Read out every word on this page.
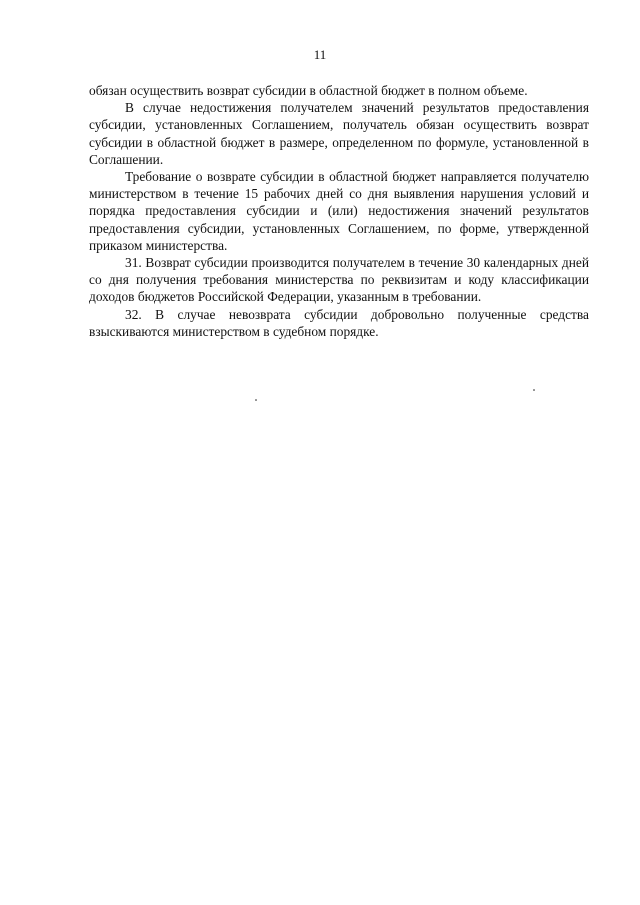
11

обязан осуществить возврат субсидии в областной бюджет в полном объеме.

В случае недостижения получателем значений результатов предоставления субсидии, установленных Соглашением, получатель обязан осуществить возврат субсидии в областной бюджет в размере, определенном по формуле, установленной в Соглашении.

Требование о возврате субсидии в областной бюджет направляется получателю министерством в течение 15 рабочих дней со дня выявления нарушения условий и порядка предоставления субсидии и (или) недостижения значений результатов предоставления субсидии, установленных Соглашением, по форме, утвержденной приказом министерства.

31. Возврат субсидии производится получателем в течение 30 календарных дней со дня получения требования министерства по реквизитам и коду классификации доходов бюджетов Российской Федерации, указанным в требовании.

32. В случае невозврата субсидии добровольно полученные средства взыскиваются министерством в судебном порядке.
